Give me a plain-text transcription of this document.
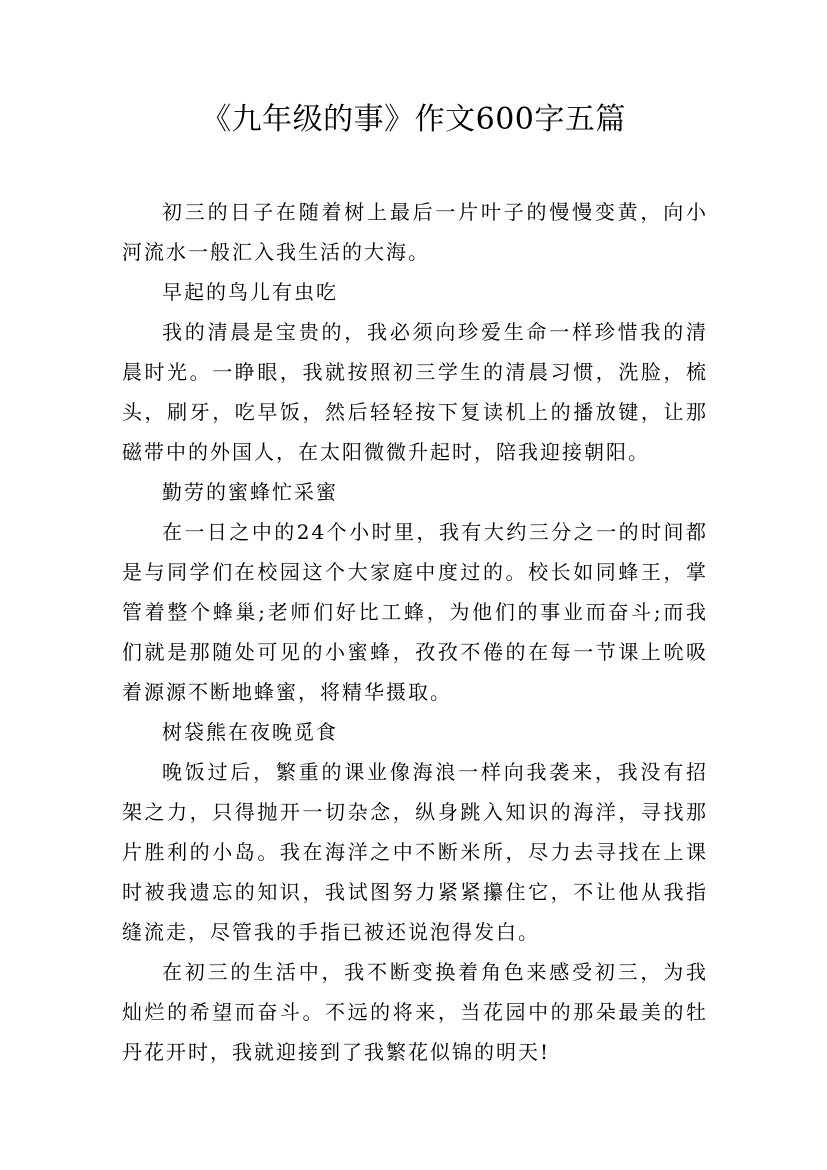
《九年级的事》作文600字五篇

初三的日子在随着树上最后一片叶子的慢慢变黄，向小河流水一般汇入我生活的大海。

早起的鸟儿有虫吃

我的清晨是宝贵的，我必须向珍爱生命一样珍惜我的清晨时光。一睁眼，我就按照初三学生的清晨习惯，洗脸，梳头，刷牙，吃早饭，然后轻轻按下复读机上的播放键，让那磁带中的外国人，在太阳微微升起时，陪我迎接朝阳。

勤劳的蜜蜂忙采蜜

在一日之中的24个小时里，我有大约三分之一的时间都是与同学们在校园这个大家庭中度过的。校长如同蜂王，掌管着整个蜂巢;老师们好比工蜂，为他们的事业而奋斗;而我们就是那随处可见的小蜜蜂，孜孜不倦的在每一节课上吮吸着源源不断地蜂蜜，将精华摄取。

树袋熊在夜晚觅食

晚饭过后，繁重的课业像海浪一样向我袭来，我没有招架之力，只得抛开一切杂念，纵身跳入知识的海洋，寻找那片胜利的小岛。我在海洋之中不断米所，尽力去寻找在上课时被我遗忘的知识，我试图努力紧紧攥住它，不让他从我指缝流走，尽管我的手指已被还说泡得发白。

在初三的生活中，我不断变换着角色来感受初三，为我灿烂的希望而奋斗。不远的将来，当花园中的那朵最美的牡丹花开时，我就迎接到了我繁花似锦的明天!
